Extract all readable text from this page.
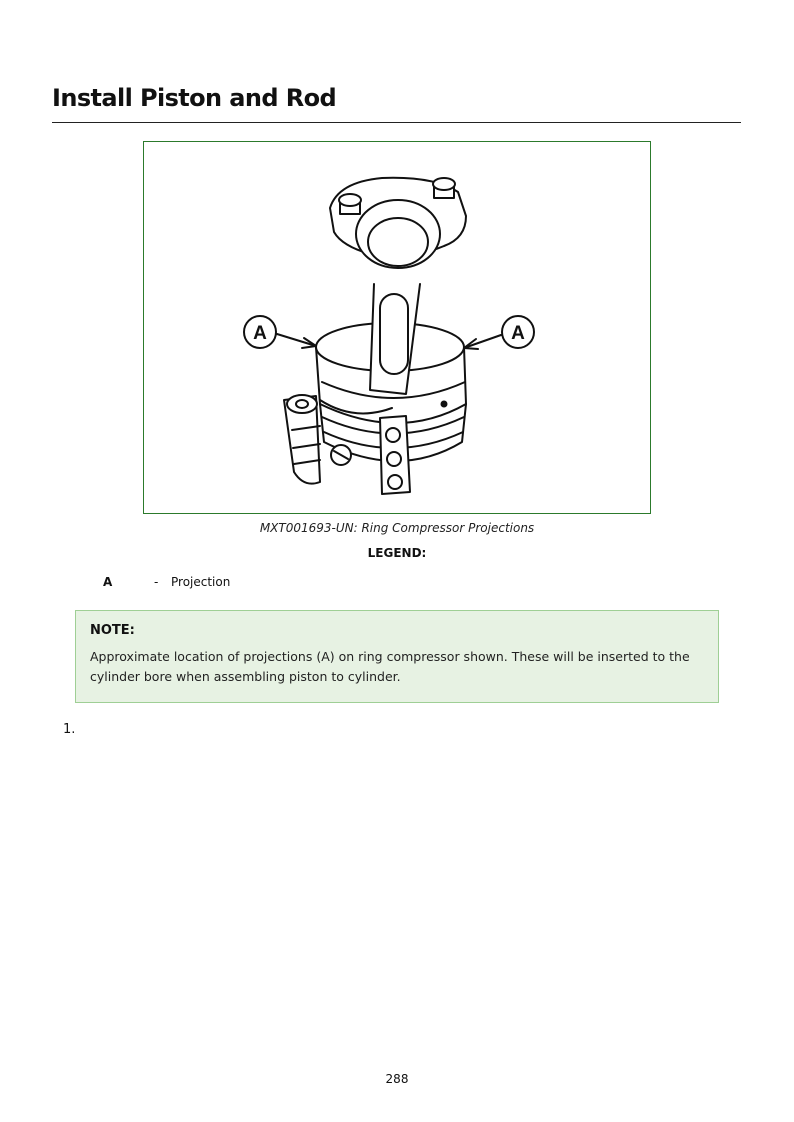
Install Piston and Rod
A	A
MXT001693-UN: Ring Compressor Projections
LEGEND:
A	- Projection
NOTE:
Approximate location of projections (A) on ring compressor shown. These will be inserted to the cylinder bore when assembling piston to cylinder.
1.
288
